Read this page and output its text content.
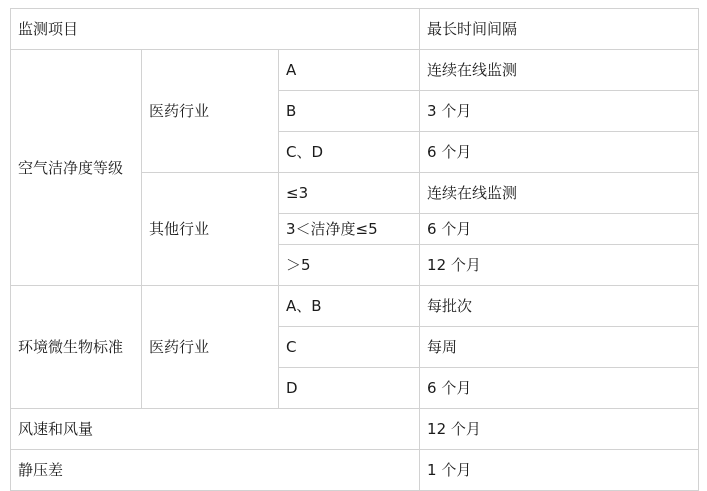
监测项目			最长时间间隔
空气洁净度等级	医药行业	A	连续在线监测
		B	3 个月
		C、D	6 个月
	其他行业	≤3	连续在线监测
		3＜洁净度≤5	6 个月
		＞5	12 个月
环境微生物标准	医药行业	A、B	每批次
		C	每周
		D	6 个月
风速和风量			12 个月
静压差			1 个月
